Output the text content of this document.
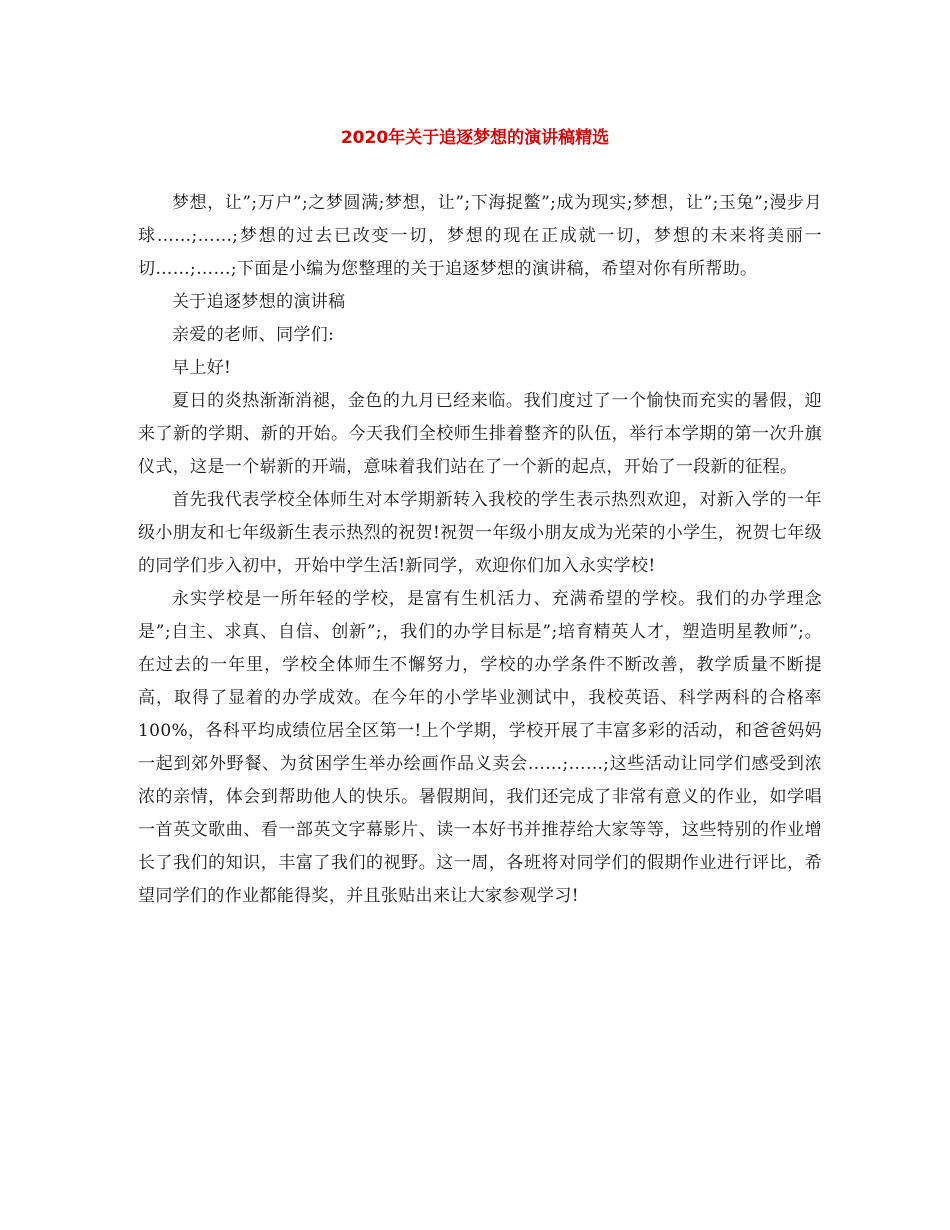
2020年关于追逐梦想的演讲稿精选

梦想，让”;万户”;之梦圆满;梦想，让”;下海捉鳖”;成为现实;梦想，让”;玉兔”;漫步月球……;……;梦想的过去已改变一切，梦想的现在正成就一切，梦想的未来将美丽一切……;……;下面是小编为您整理的关于追逐梦想的演讲稿，希望对你有所帮助。

关于追逐梦想的演讲稿

亲爱的老师、同学们:

早上好!

夏日的炎热渐渐消褪，金色的九月已经来临。我们度过了一个愉快而充实的暑假，迎来了新的学期、新的开始。今天我们全校师生排着整齐的队伍，举行本学期的第一次升旗仪式，这是一个崭新的开端，意味着我们站在了一个新的起点，开始了一段新的征程。

首先我代表学校全体师生对本学期新转入我校的学生表示热烈欢迎，对新入学的一年级小朋友和七年级新生表示热烈的祝贺!祝贺一年级小朋友成为光荣的小学生，祝贺七年级的同学们步入初中，开始中学生活!新同学，欢迎你们加入永实学校!

永实学校是一所年轻的学校，是富有生机活力、充满希望的学校。我们的办学理念是”;自主、求真、自信、创新”;，我们的办学目标是”;培育精英人才，塑造明星教师”;。在过去的一年里，学校全体师生不懈努力，学校的办学条件不断改善，教学质量不断提高，取得了显着的办学成效。在今年的小学毕业测试中，我校英语、科学两科的合格率100%，各科平均成绩位居全区第一!上个学期，学校开展了丰富多彩的活动，和爸爸妈妈一起到郊外野餐、为贫困学生举办绘画作品义卖会……;……;这些活动让同学们感受到浓浓的亲情，体会到帮助他人的快乐。暑假期间，我们还完成了非常有意义的作业，如学唱一首英文歌曲、看一部英文字幕影片、读一本好书并推荐给大家等等，这些特别的作业增长了我们的知识，丰富了我们的视野。这一周，各班将对同学们的假期作业进行评比，希望同学们的作业都能得奖，并且张贴出来让大家参观学习!
